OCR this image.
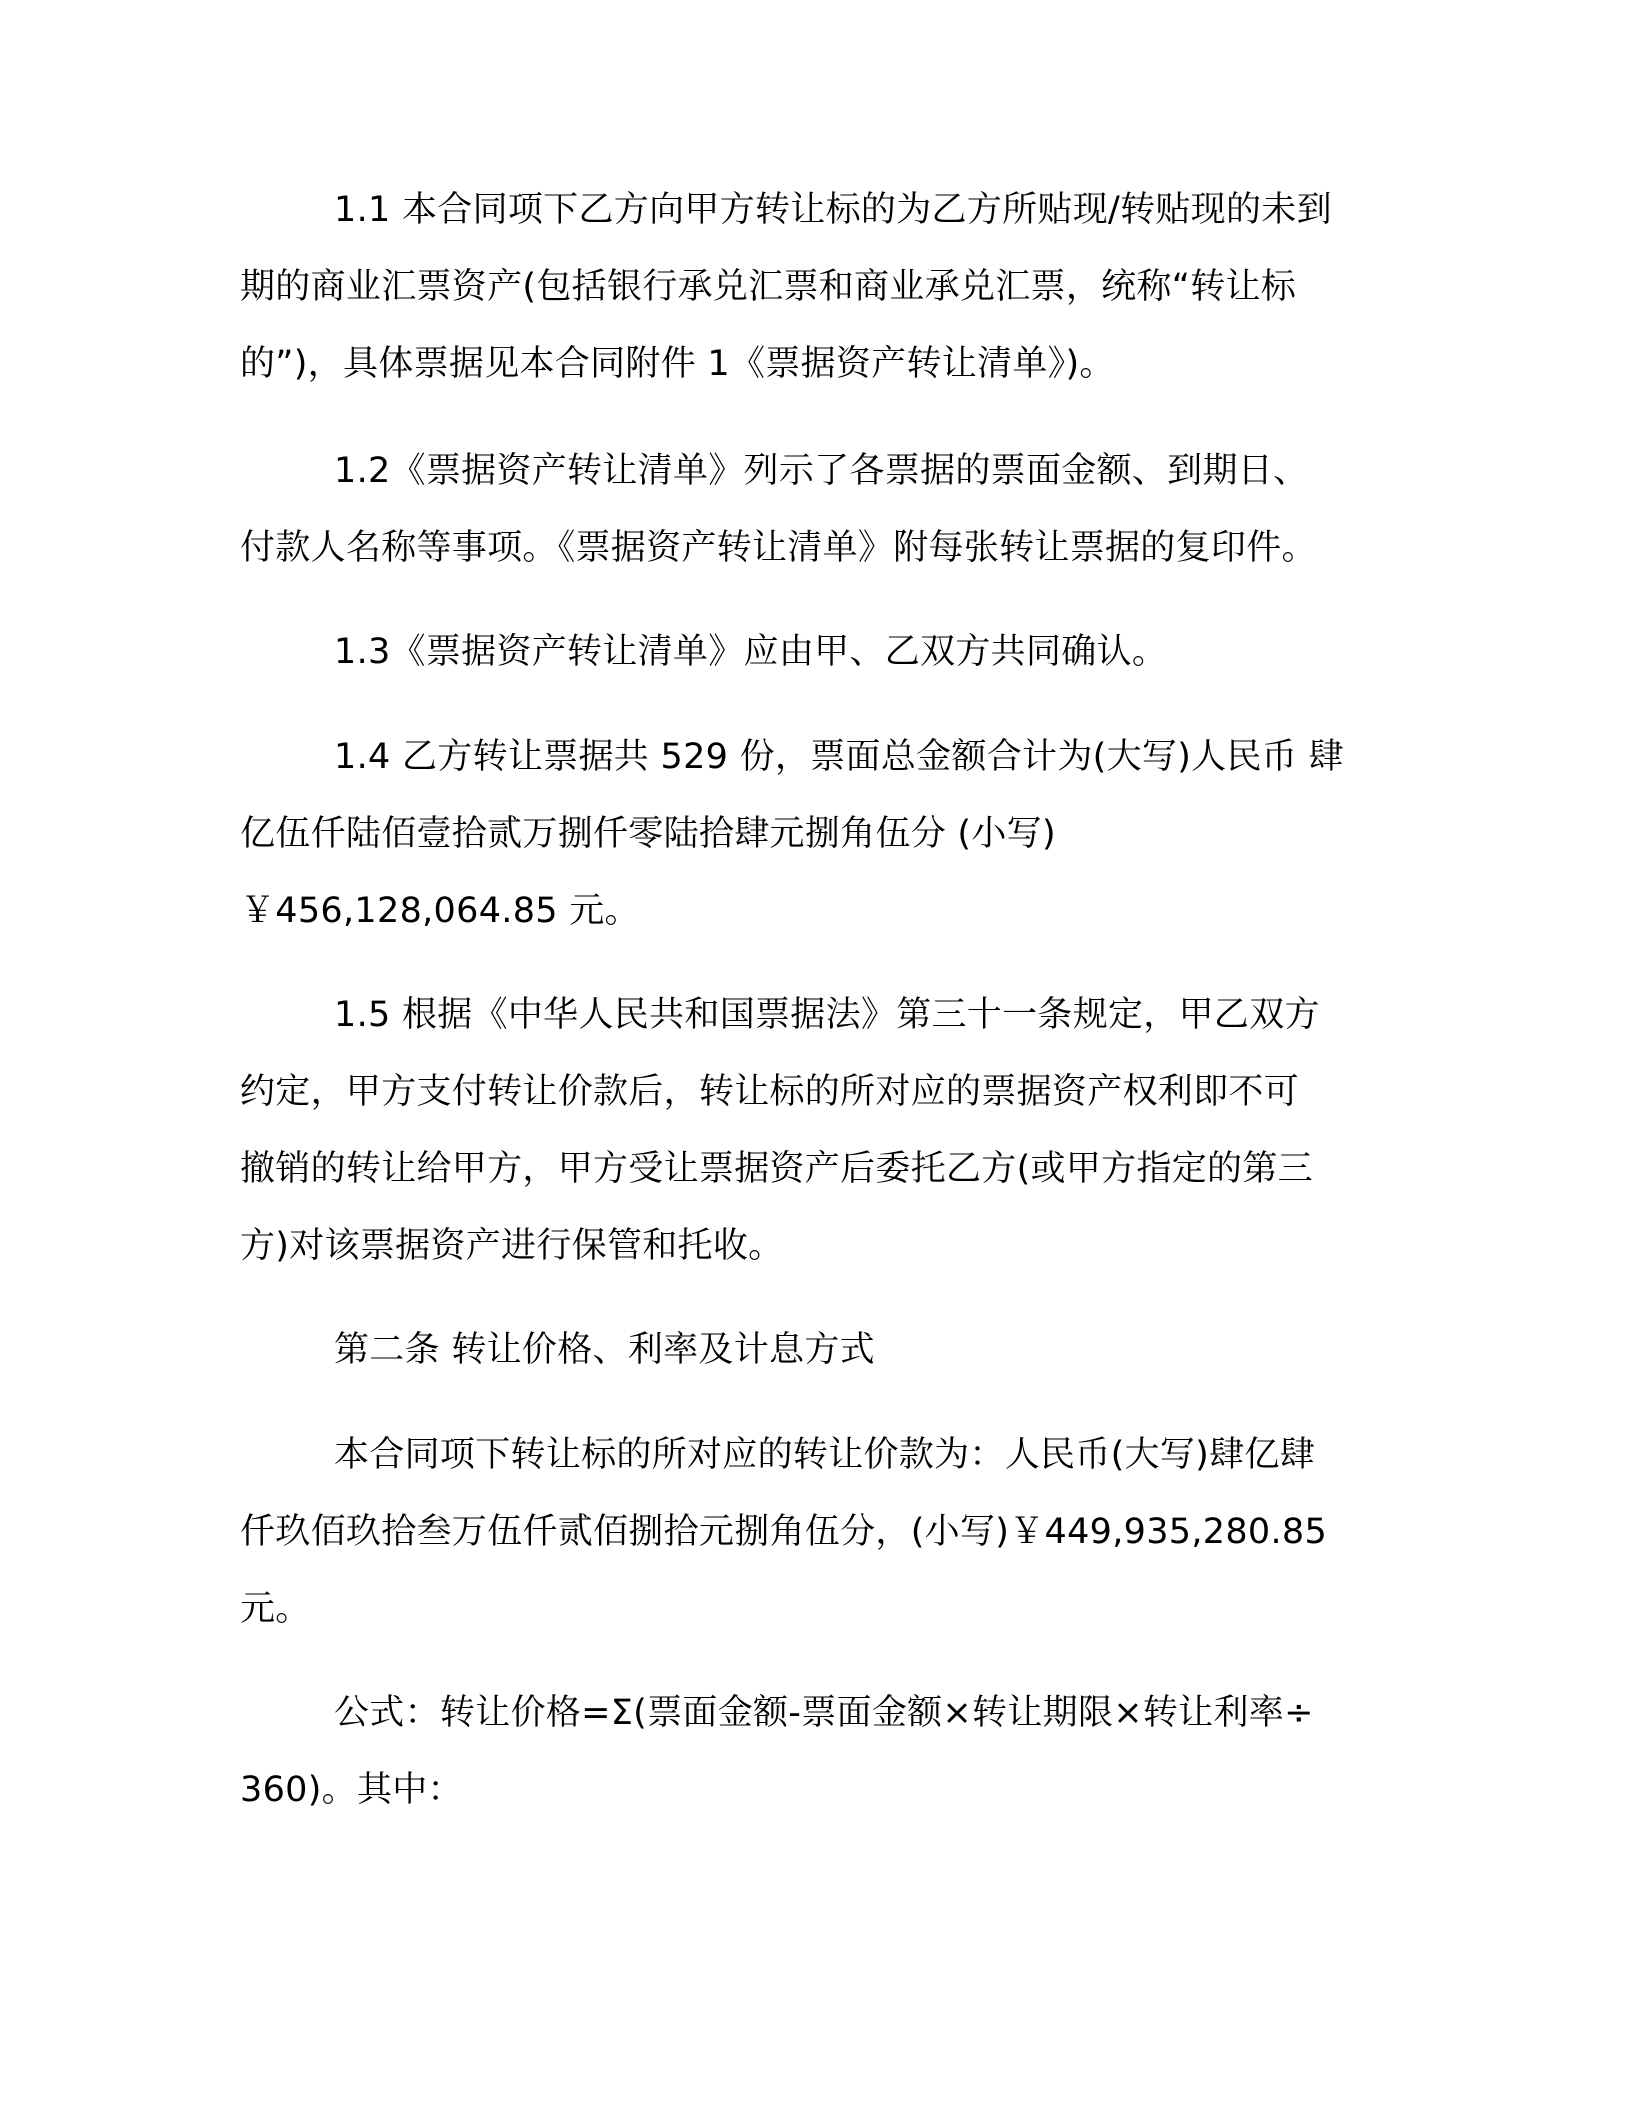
1.1 本合同项下乙方向甲方转让标的为乙方所贴现/转贴现的未到
期的商业汇票资产(包括银行承兑汇票和商业承兑汇票，统称“转让标
的”)，具体票据见本合同附件 1《票据资产转让清单》)。
1.2《票据资产转让清单》列示了各票据的票面金额、到期日、
付款人名称等事项。《票据资产转让清单》附每张转让票据的复印件。
1.3《票据资产转让清单》应由甲、乙双方共同确认。
1.4 乙方转让票据共 529 份，票面总金额合计为(大写)人民币 肆
亿伍仟陆佰壹拾贰万捌仟零陆拾肆元捌角伍分 (小写)
￥456,128,064.85 元。
1.5 根据《中华人民共和国票据法》第三十一条规定，甲乙双方
约定，甲方支付转让价款后，转让标的所对应的票据资产权利即不可
撤销的转让给甲方，甲方受让票据资产后委托乙方(或甲方指定的第三
方)对该票据资产进行保管和托收。
第二条 转让价格、利率及计息方式
本合同项下转让标的所对应的转让价款为：人民币(大写)肆亿肆
仟玖佰玖拾叁万伍仟贰佰捌拾元捌角伍分，(小写)￥449,935,280.85
元。
公式：转让价格=Σ(票面金额-票面金额×转让期限×转让利率÷
360)。其中：
